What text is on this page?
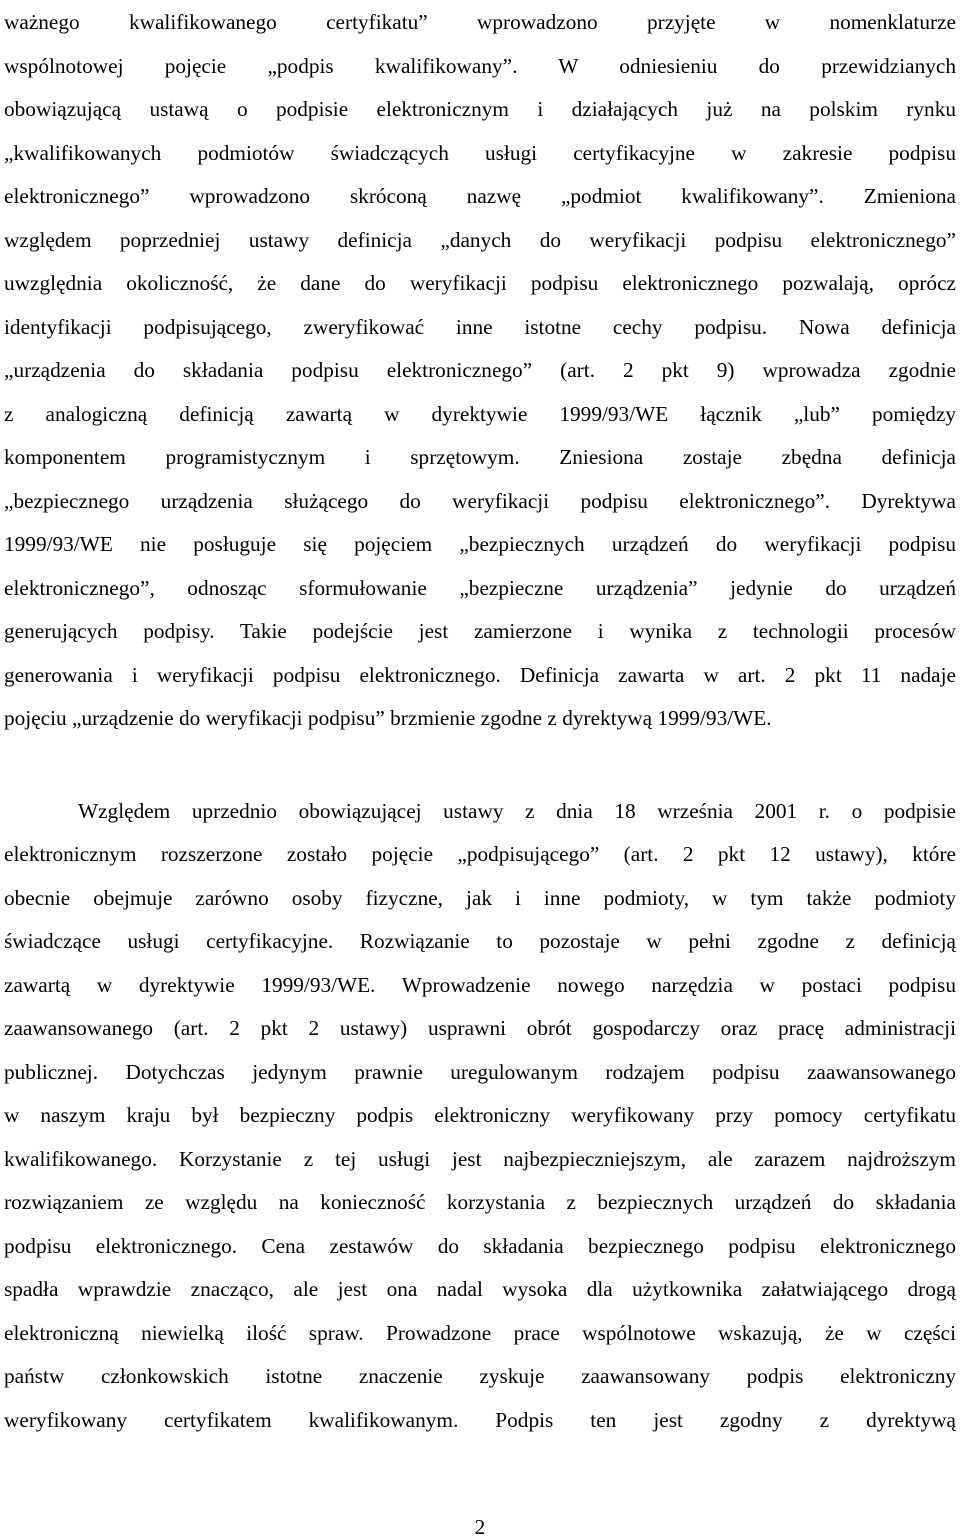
ważnego kwalifikowanego certyfikatu” wprowadzono przyjęte w nomenklaturze
wspólnotowej pojęcie „podpis kwalifikowany”. W odniesieniu do przewidzianych
obowiązującą ustawą o podpisie elektronicznym i działających już na polskim rynku
„kwalifikowanych podmiotów świadczących usługi certyfikacyjne w zakresie podpisu
elektronicznego” wprowadzono skróconą nazwę „podmiot kwalifikowany”. Zmieniona
względem poprzedniej ustawy definicja „danych do weryfikacji podpisu elektronicznego”
uwzględnia okoliczność, że dane do weryfikacji podpisu elektronicznego pozwalają, oprócz
identyfikacji podpisującego, zweryfikować inne istotne cechy podpisu. Nowa definicja
„urządzenia do składania podpisu elektronicznego” (art. 2 pkt 9) wprowadza zgodnie
z analogiczną definicją zawartą w dyrektywie 1999/93/WE łącznik „lub” pomiędzy
komponentem programistycznym i sprzętowym. Zniesiona zostaje zbędna definicja
„bezpiecznego urządzenia służącego do weryfikacji podpisu elektronicznego”. Dyrektywa
1999/93/WE nie posługuje się pojęciem „bezpiecznych urządzeń do weryfikacji podpisu
elektronicznego”, odnosząc sformułowanie „bezpieczne urządzenia” jedynie do urządzeń
generujących podpisy. Takie podejście jest zamierzone i wynika z technologii procesów
generowania i weryfikacji podpisu elektronicznego. Definicja zawarta w art. 2 pkt 11 nadaje
pojęciu „urządzenie do weryfikacji podpisu” brzmienie zgodne z dyrektywą 1999/93/WE.
Względem uprzednio obowiązującej ustawy z dnia 18 września 2001 r. o podpisie
elektronicznym rozszerzone zostało pojęcie „podpisującego” (art. 2 pkt 12 ustawy), które
obecnie obejmuje zarówno osoby fizyczne, jak i inne podmioty, w tym także podmioty
świadczące usługi certyfikacyjne. Rozwiązanie to pozostaje w pełni zgodne z definicją
zawartą w dyrektywie 1999/93/WE. Wprowadzenie nowego narzędzia w postaci podpisu
zaawansowanego (art. 2 pkt 2 ustawy) usprawni obrót gospodarczy oraz pracę administracji
publicznej. Dotychczas jedynym prawnie uregulowanym rodzajem podpisu zaawansowanego
w naszym kraju był bezpieczny podpis elektroniczny weryfikowany przy pomocy certyfikatu
kwalifikowanego. Korzystanie z tej usługi jest najbezpieczniejszym, ale zarazem najdroższym
rozwiązaniem ze względu na konieczność korzystania z bezpiecznych urządzeń do składania
podpisu elektronicznego. Cena zestawów do składania bezpiecznego podpisu elektronicznego
spadła wprawdzie znacząco, ale jest ona nadal wysoka dla użytkownika załatwiającego drogą
elektroniczną niewielką ilość spraw. Prowadzone prace wspólnotowe wskazują, że w części
państw członkowskich istotne znaczenie zyskuje zaawansowany podpis elektroniczny
weryfikowany certyfikatem kwalifikowanym. Podpis ten jest zgodny z dyrektywą
2
